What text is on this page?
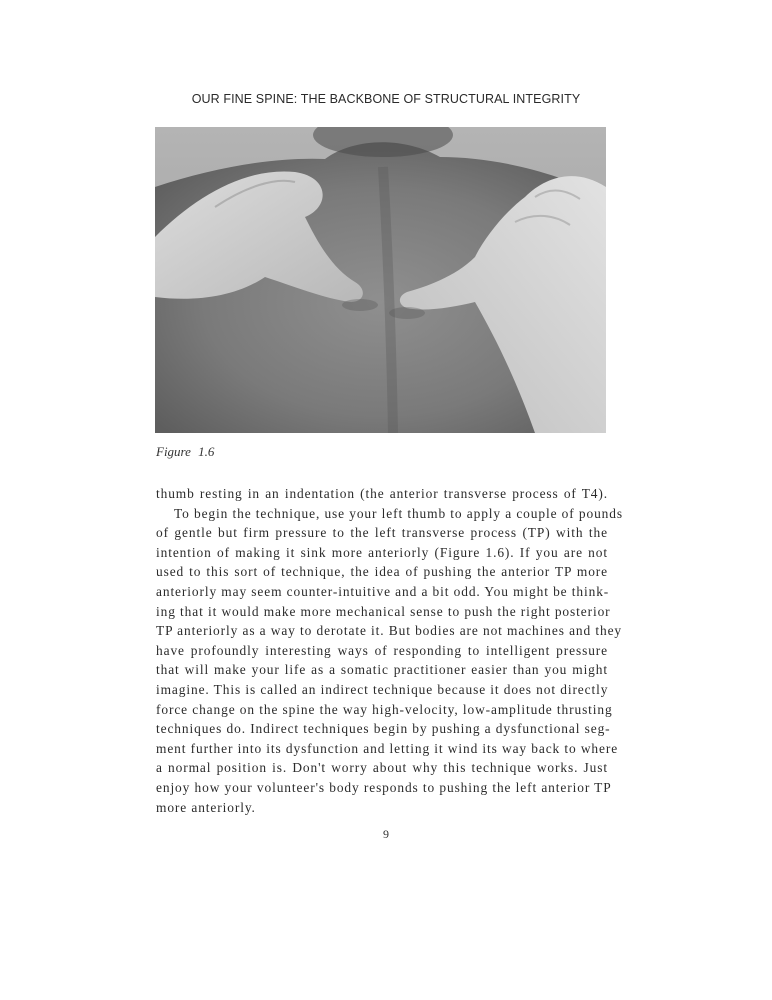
OUR FINE SPINE: THE BACKBONE OF STRUCTURAL INTEGRITY
Figure 1.6
thumb resting in an indentation (the anterior transverse process of T4).
To begin the technique, use your left thumb to apply a couple of pounds
of gentle but firm pressure to the left transverse process (TP) with the
intention of making it sink more anteriorly (Figure 1.6). If you are not
used to this sort of technique, the idea of pushing the anterior TP more
anteriorly may seem counter-intuitive and a bit odd. You might be think-
ing that it would make more mechanical sense to push the right posterior
TP anteriorly as a way to derotate it. But bodies are not machines and they
have profoundly interesting ways of responding to intelligent pressure
that will make your life as a somatic practitioner easier than you might
imagine. This is called an indirect technique because it does not directly
force change on the spine the way high-velocity, low-amplitude thrusting
techniques do. Indirect techniques begin by pushing a dysfunctional seg-
ment further into its dysfunction and letting it wind its way back to where
a normal position is. Don't worry about why this technique works. Just
enjoy how your volunteer's body responds to pushing the left anterior TP
more anteriorly.
9
